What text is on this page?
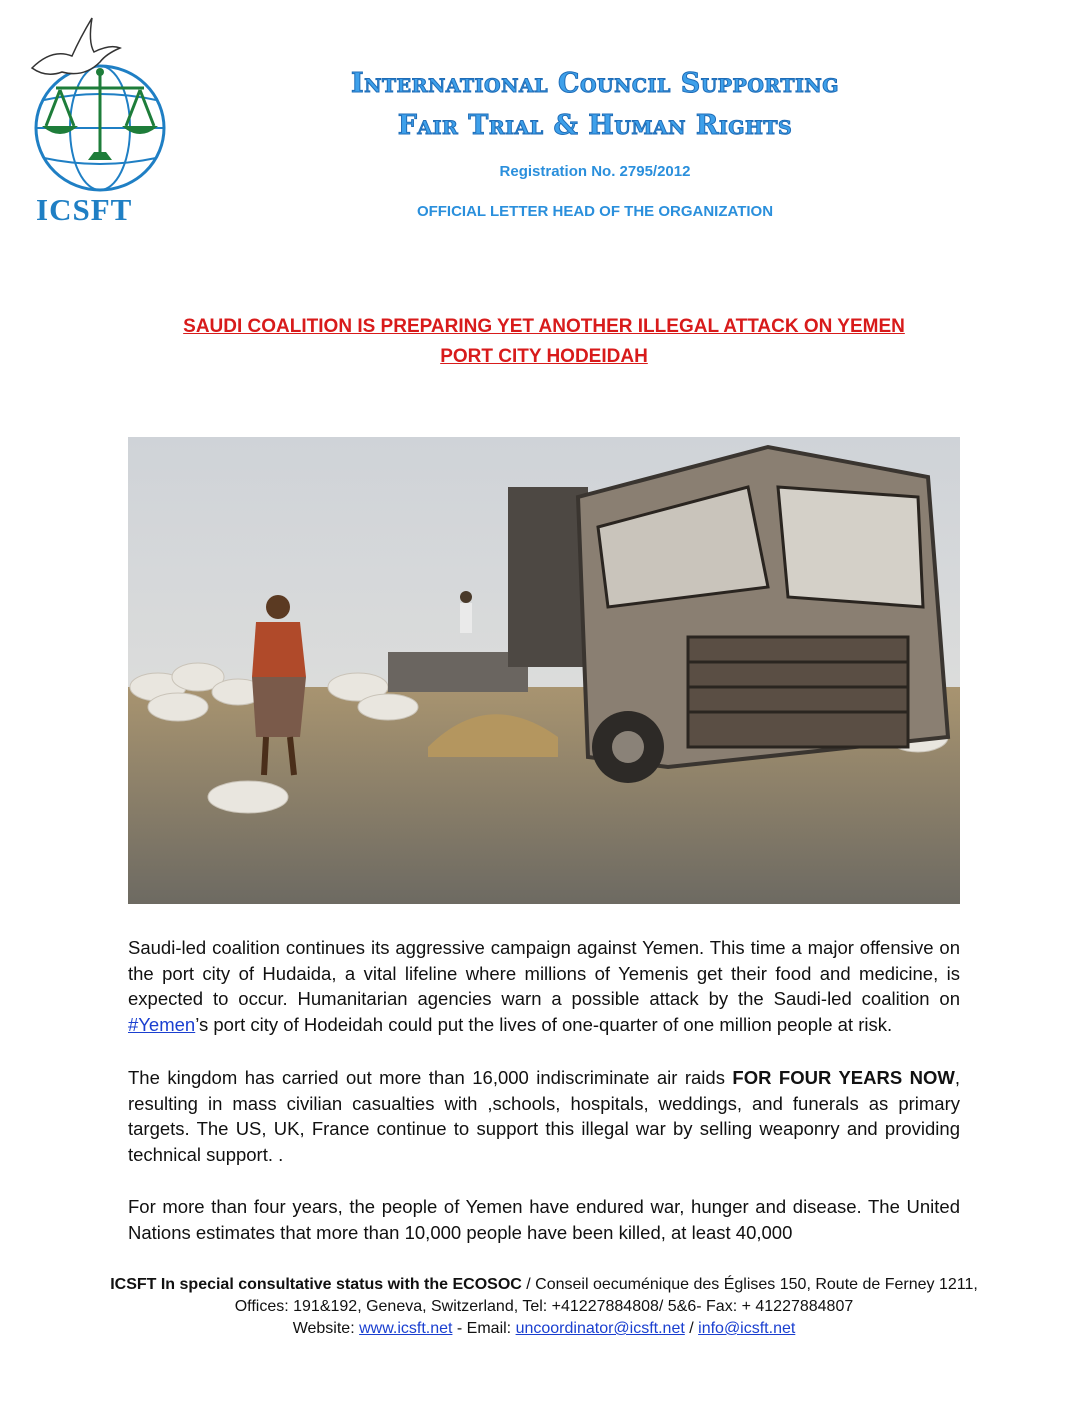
ICSFT
International Council Supporting
Fair Trial & Human Rights
Registration No. 2795/2012
OFFICIAL LETTER HEAD OF THE ORGANIZATION
SAUDI COALITION IS PREPARING YET ANOTHER ILLEGAL ATTACK ON YEMEN
PORT CITY HODEIDAH
Saudi-led coalition continues its aggressive campaign against Yemen. This time a major offensive on the port city of Hudaida, a vital lifeline where millions of Yemenis get their food and medicine, is expected to occur. Humanitarian agencies warn a possible attack by the Saudi-led coalition on #Yemen’s port city of Hodeidah could put the lives of one-quarter of one million people at risk.
The kingdom has carried out more than 16,000 indiscriminate air raids FOR FOUR YEARS NOW, resulting in mass civilian casualties with ,schools, hospitals, weddings, and funerals as primary targets. The US, UK, France continue to support this illegal war by selling weaponry and providing technical support. .
For more than four years, the people of Yemen have endured war, hunger and disease. The United Nations estimates that more than 10,000 people have been killed, at least 40,000
ICSFT In special consultative status with the ECOSOC / Conseil oecuménique des Églises 150, Route de Ferney 1211, Offices: 191&192, Geneva, Switzerland, Tel: +41227884808/ 5&6- Fax: + 41227884807
Website: www.icsft.net - Email: uncoordinator@icsft.net / info@icsft.net
